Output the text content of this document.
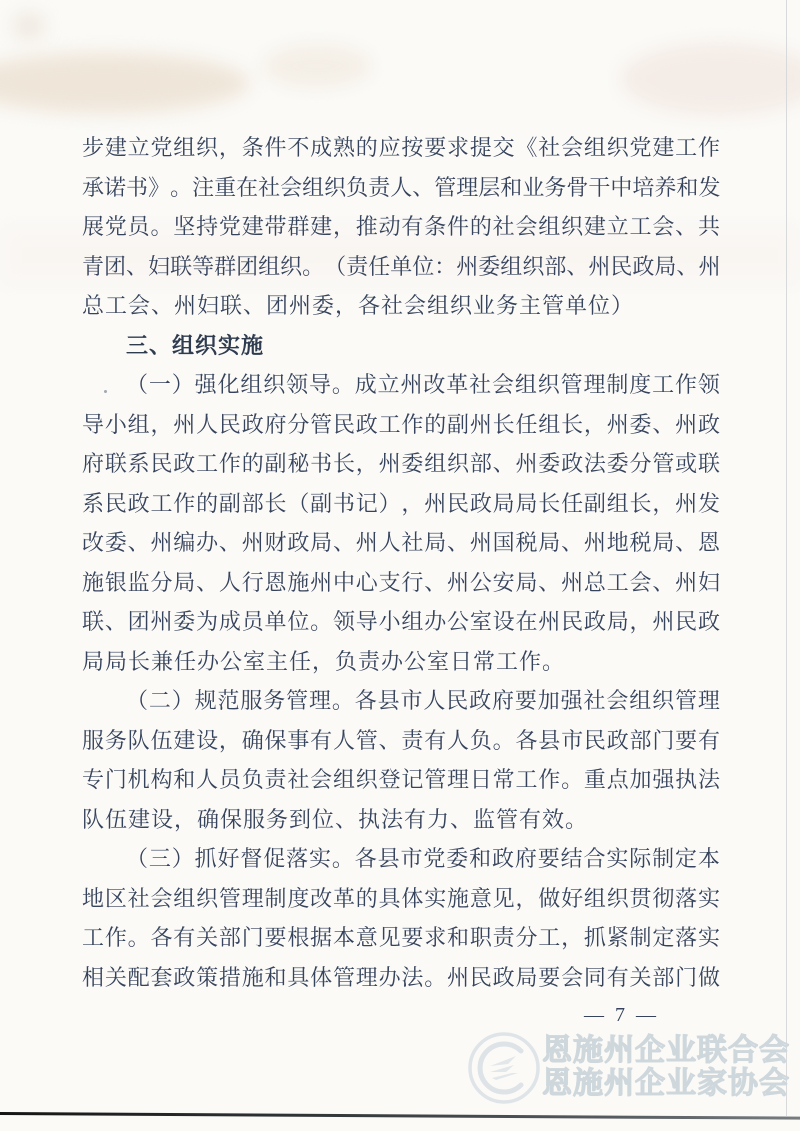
步 建 立 党 组 织 ， 条 件 不 成 熟 的 应 按 要 求 提 交 《 社 会 组 织 党 建 工 作
承 诺 书 》 。 注 重 在 社 会 组 织 负 责 人 、 管 理 层 和 业 务 骨 干 中 培 养 和 发
展 党 员 。 坚 持 党 建 带 群 建 ， 推 动 有 条 件 的 社 会 组 织 建 立 工 会 、 共
青 团 、 妇 联 等 群 团 组 织 。 （ 责 任 单 位 ： 州 委 组 织 部 、 州 民 政 局 、 州
总工会、州妇联、团州委，各社会组织业务主管单位）
三、组织实施
（ 一 ） 强 化 组 织 领 导 。 成 立 州 改 革 社 会 组 织 管 理 制 度 工 作 领
导 小 组 ， 州 人 民 政 府 分 管 民 政 工 作 的 副 州 长 任 组 长 ， 州 委 、 州 政
府 联 系 民 政 工 作 的 副 秘 书 长 ， 州 委 组 织 部 、 州 委 政 法 委 分 管 或 联
系 民 政 工 作 的 副 部 长 （ 副 书 记 ） ， 州 民 政 局 局 长 任 副 组 长 ， 州 发
改 委 、 州 编 办 、 州 财 政 局 、 州 人 社 局 、 州 国 税 局 、 州 地 税 局 、 恩
施 银 监 分 局 、 人 行 恩 施 州 中 心 支 行 、 州 公 安 局 、 州 总 工 会 、 州 妇
联 、 团 州 委 为 成 员 单 位 。 领 导 小 组 办 公 室 设 在 州 民 政 局 ， 州 民 政
局局长兼任办公室主任，负责办公室日常工作。
（ 二 ） 规 范 服 务 管 理 。 各 县 市 人 民 政 府 要 加 强 社 会 组 织 管 理
服 务 队 伍 建 设 ， 确 保 事 有 人 管 、 责 有 人 负 。 各 县 市 民 政 部 门 要 有
专 门 机 构 和 人 员 负 责 社 会 组 织 登 记 管 理 日 常 工 作 。 重 点 加 强 执 法
队伍建设，确保服务到位、执法有力、监管有效。
（ 三 ） 抓 好 督 促 落 实 。 各 县 市 党 委 和 政 府 要 结 合 实 际 制 定 本
地 区 社 会 组 织 管 理 制 度 改 革 的 具 体 实 施 意 见 ， 做 好 组 织 贯 彻 落 实
工 作 。 各 有 关 部 门 要 根 据 本 意 见 要 求 和 职 责 分 工 ， 抓 紧 制 定 落 实
相 关 配 套 政 策 措 施 和 具 体 管 理 办 法 。 州 民 政 局 要 会 同 有 关 部 门 做
— 7 —
恩施州企业联合会
恩施州企业家协会
